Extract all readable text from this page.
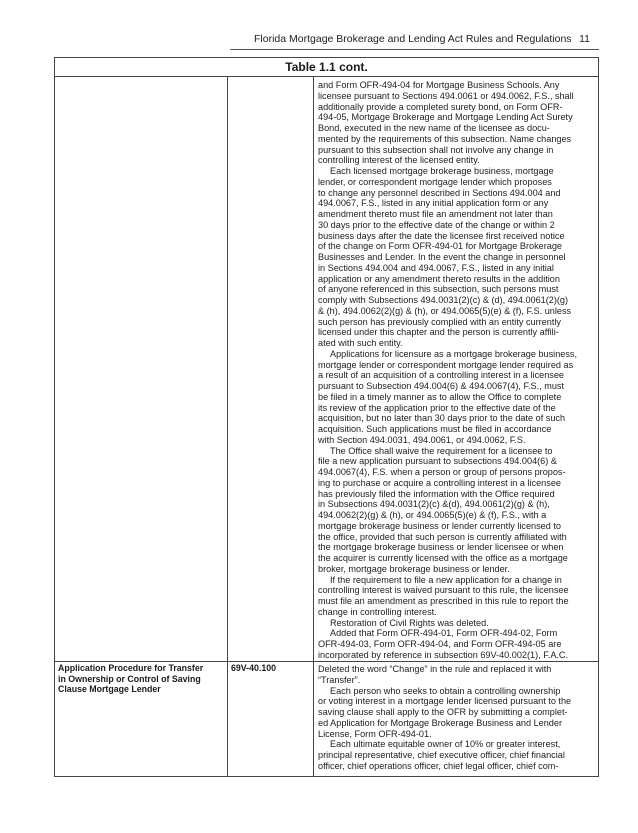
Florida Mortgage Brokerage and Lending Act Rules and Regulations 11
Table 1.1 cont.

and Form OFR-494-04 for Mortgage Business Schools. Any

licensee pursuant to Sections 494.0061 or 494.0062, F.S., shall

additionally provide a completed surety bond, on Form OFR-

494-05, Mortgage Brokerage and Mortgage Lending Act Surety

Bond, executed in the new name of the licensee as docu-

mented by the requirements of this subsection. Name changes

pursuant to this subsection shall not involve any change in

controlling interest of the licensed entity.

Each licensed mortgage brokerage business, mortgage

lender, or correspondent mortgage lender which proposes

to change any personnel described in Sections 494.004 and

494.0067, F.S., listed in any initial application form or any

amendment thereto must file an amendment not later than

30 days prior to the effective date of the change or within 2

business days after the date the licensee first received notice

of the change on Form OFR-494-01 for Mortgage Brokerage

Businesses and Lender. In the event the change in personnel

in Sections 494.004 and 494.0067, F.S., listed in any initial

application or any amendment thereto results in the addition

of anyone referenced in this subsection, such persons must

comply with Subsections 494.0031(2)(c) & (d), 494.0061(2)(g)

& (h), 494.0062(2)(g) & (h), or 494.0065(5)(e) & (f), F.S. unless

such person has previously complied with an entity currently

licensed under this chapter and the person is currently affili-

ated with such entity.

Applications for licensure as a mortgage brokerage business,

mortgage lender or correspondent mortgage lender required as

a result of an acquisition of a controlling interest in a licensee

pursuant to Subsection 494.004(6) & 494.0067(4), F.S., must

be filed in a timely manner as to allow the Office to complete

its review of the application prior to the effective date of the

acquisition, but no later than 30 days prior to the date of such

acquisition. Such applications must be filed in accordance

with Section 494.0031, 494.0061, or 494.0062, F.S.

The Office shall waive the requirement for a licensee to

file a new application pursuant to subsections 494.004(6) &

494.0067(4), F.S. when a person or group of persons propos-

ing to purchase or acquire a controlling interest in a licensee

has previously filed the information with the Office required

in Subsections 494.0031(2)(c) &(d), 494.0061(2)(g) & (h),

494.0062(2)(g) & (h), or 494.0065(5)(e) & (f), F.S., with a

mortgage brokerage business or lender currently licensed to

the office, provided that such person is currently affiliated with

the mortgage brokerage business or lender licensee or when

the acquirer is currently licensed with the office as a mortgage

broker, mortgage brokerage business or lender.

If the requirement to file a new application for a change in

controlling interest is waived pursuant to this rule, the licensee

must file an amendment as prescribed in this rule to report the

change in controlling interest.

Restoration of Civil Rights was deleted.

Added that Form OFR-494-01, Form OFR-494-02, Form

OFR-494-03, Form OFR-494-04, and Form OFR-494-05 are

incorporated by reference in subsection 69V-40.002(1), F.A.C.

Application Procedure for Transfer

in Ownership or Control of Saving

Clause Mortgage Lender

69V-40.100	Deleted the word “Change” in the rule and replaced it with

“Transfer”.

Each person who seeks to obtain a controlling ownership

or voting interest in a mortgage lender licensed pursuant to the

saving clause shall apply to the OFR by submitting a complet-

ed Application for Mortgage Brokerage Business and Lender

License, Form OFR-494-01.

Each ultimate equitable owner of 10% or greater interest,

principal representative, chief executive officer, chief financial

officer, chief operations officer, chief legal officer, chief com-
